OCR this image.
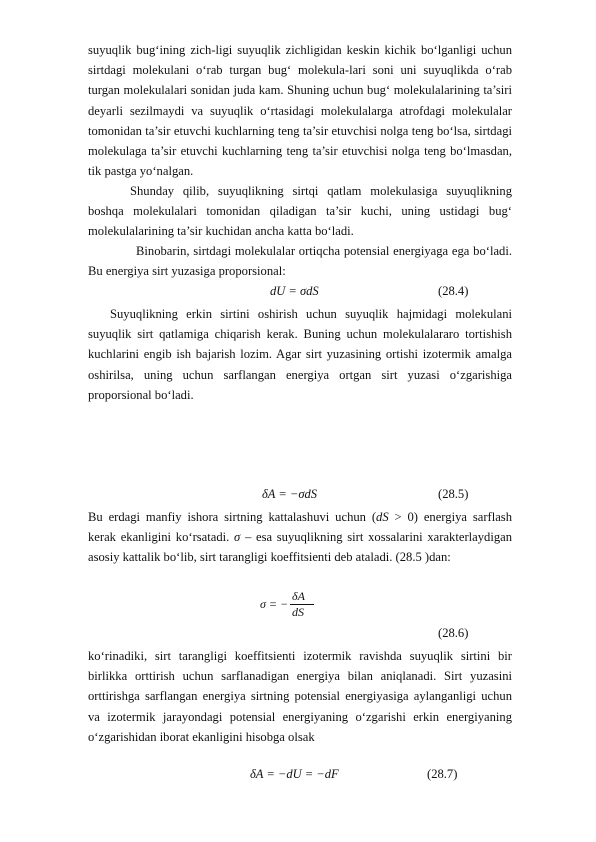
suyuqlik bug‘ining zich-ligi suyuqlik zichligidan keskin kichik bo‘lganligi uchun sirtdagi molekulani o‘rab turgan bug‘ molekula-lari soni uni suyuqlikda o‘rab turgan molekulalari sonidan juda kam. Shuning uchun bug‘ molekulalarining ta’siri deyarli sezilmaydi va suyuqlik o‘rtasidagi molekulalarga atrofdagi molekulalar tomonidan ta’sir etuvchi kuchlarning teng ta’sir etuvchisi nolga teng bo‘lsa, sirtdagi molekulaga ta’sir etuvchi kuchlarning teng ta’sir etuvchisi nolga teng bo‘lmasdan, tik pastga yo‘nalgan.

Shunday qilib, suyuqlikning sirtqi qatlam molekulasiga suyuqlikning boshqa molekulalari tomonidan qiladigan ta’sir kuchi, uning ustidagi bug‘ molekulalarining ta’sir kuchidan ancha katta bo‘ladi.

Binobarin, sirtdagi molekulalar ortiqcha potensial energiyaga ega bo‘ladi. Bu energiya sirt yuzasiga proporsional:

dU = σdS	(28.4)

Suyuqlikning erkin sirtini oshirish uchun suyuqlik hajmidagi molekulani suyuqlik sirt qatlamiga chiqarish kerak. Buning uchun molekulalararo tortishish kuchlarini engib ish bajarish lozim. Agar sirt yuzasining ortishi izotermik amalga oshirilsa, uning uchun sarflangan energiya ortgan sirt yuzasi o‘zgarishiga proporsional bo‘ladi.

δA = −σdS	(28.5)

Bu erdagi manfiy ishora sirtning kattalashuvi uchun (dS > 0) energiya sarflash kerak ekanligini ko‘rsatadi. σ – esa suyuqlikning sirt xossalarini xarakterlaydigan asosiy kattalik bo‘lib, sirt tarangligi koeffitsienti deb ataladi. (28.5 )dan:

σ = −
δA
dS
(28.6)

ko‘rinadiki, sirt tarangligi koeffitsienti izotermik ravishda suyuqlik sirtini bir birlikka orttirish uchun sarflanadigan energiya bilan aniqlanadi. Sirt yuzasini orttirishga sarflangan energiya sirtning potensial energiyasiga aylanganligi uchun va izotermik jarayondagi potensial energiyaning o‘zgarishi erkin energiyaning o‘zgarishidan iborat ekanligini hisobga olsak

δA = −dU = −dF	(28.7)
